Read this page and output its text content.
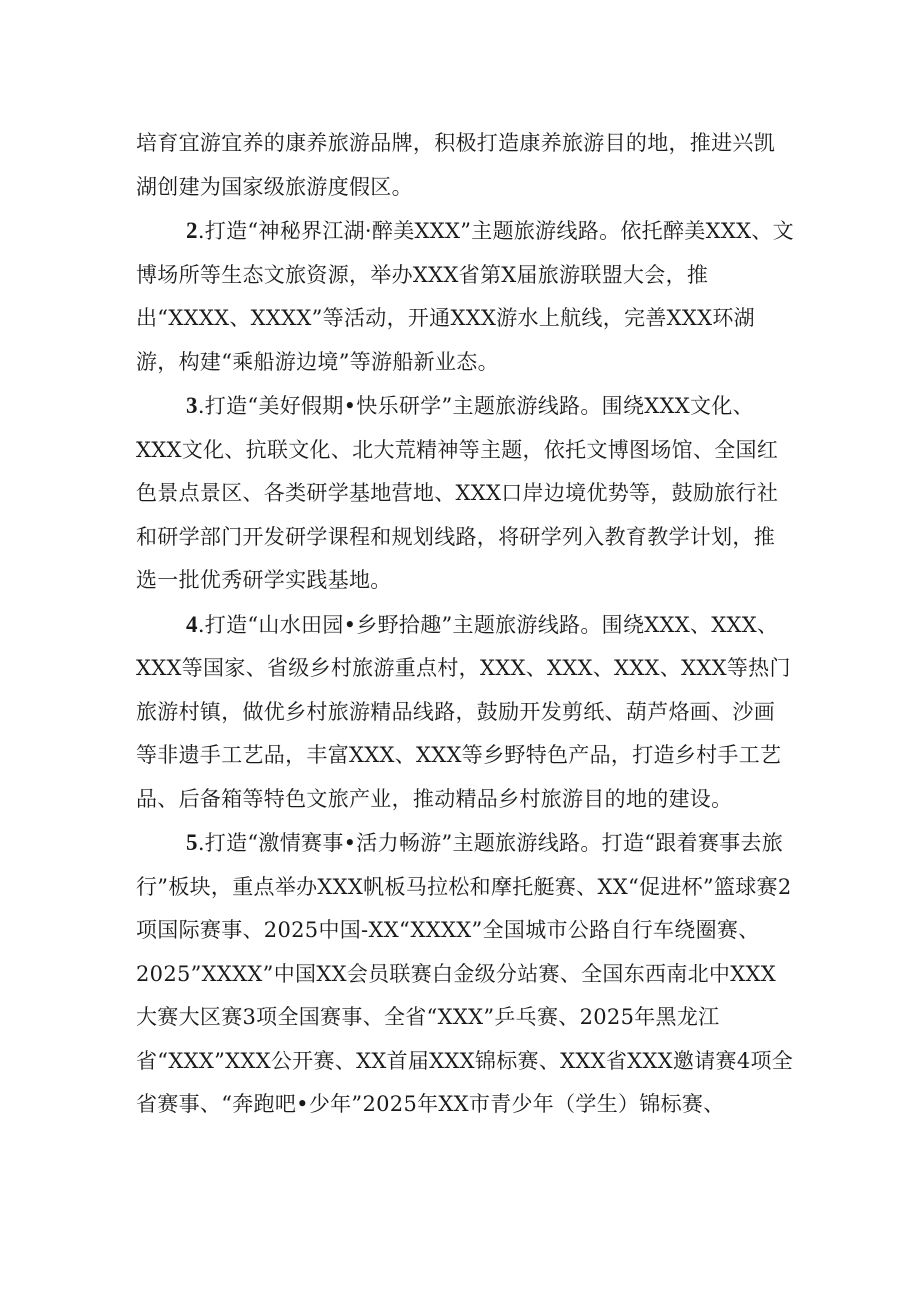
培育宜游宜养的康养旅游品牌，积极打造康养旅游目的地，推进兴凯湖创建为国家级旅游度假区。

2.打造“神秘界江湖·醉美XXX”主题旅游线路。依托醉美XXX、文博场所等生态文旅资源，举办XXX省第X届旅游联盟大会，推出“XXXX、XXXX”等活动，开通XXX游水上航线，完善XXX环湖游，构建“乘船游边境”等游船新业态。

3.打造“美好假期•快乐研学”主题旅游线路。围绕XXX文化、XXX文化、抗联文化、北大荒精神等主题，依托文博图场馆、全国红色景点景区、各类研学基地营地、XXX口岸边境优势等，鼓励旅行社和研学部门开发研学课程和规划线路，将研学列入教育教学计划，推选一批优秀研学实践基地。

4.打造“山水田园•乡野拾趣”主题旅游线路。围绕XXX、XXX、XXX等国家、省级乡村旅游重点村，XXX、XXX、XXX、XXX等热门旅游村镇，做优乡村旅游精品线路，鼓励开发剪纸、葫芦烙画、沙画等非遗手工艺品，丰富XXX、XXX等乡野特色产品，打造乡村手工艺品、后备箱等特色文旅产业，推动精品乡村旅游目的地的建设。

5.打造“激情赛事•活力畅游”主题旅游线路。打造“跟着赛事去旅行”板块，重点举办XXX帆板马拉松和摩托艇赛、XX“促进杯”篮球赛2项国际赛事、2025中国-XX“XXXX”全国城市公路自行车绕圈赛、2025”XXXX”中国XX会员联赛白金级分站赛、全国东西南北中XXX大赛大区赛3项全国赛事、全省“XXX”乒乓赛、2025年黑龙江省“XXX”XXX公开赛、XX首届XXX锦标赛、XXX省XXX邀请赛4项全省赛事、“奔跑吧•少年”2025年XX市青少年（学生）锦标赛、
